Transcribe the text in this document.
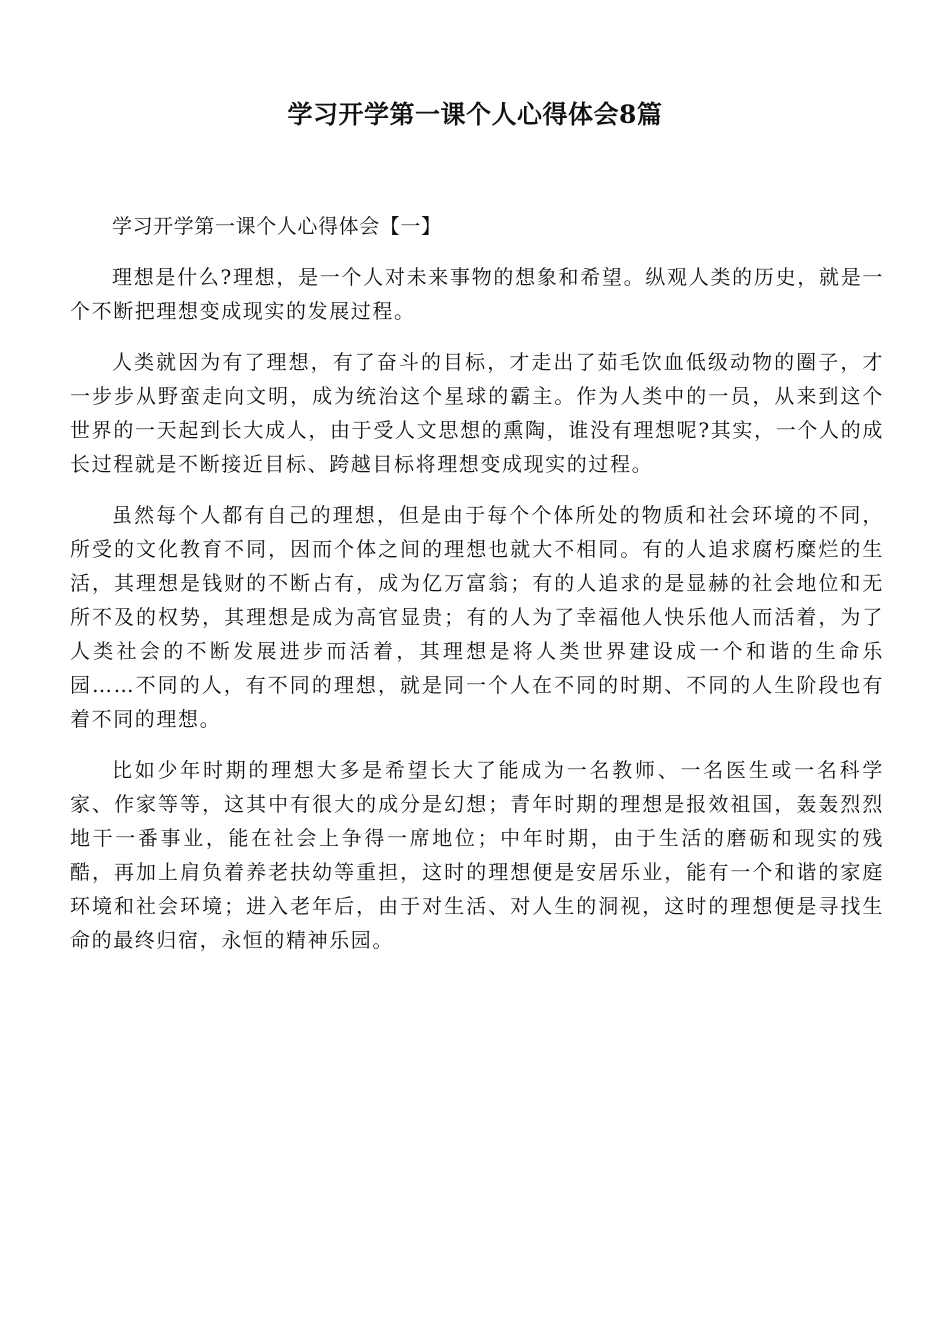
学习开学第一课个人心得体会8篇

学习开学第一课个人心得体会【一】

理想是什么?理想，是一个人对未来事物的想象和希望。纵观人类的历史，就是一个不断把理想变成现实的发展过程。

人类就因为有了理想，有了奋斗的目标，才走出了茹毛饮血低级动物的圈子，才一步步从野蛮走向文明，成为统治这个星球的霸主。作为人类中的一员，从来到这个世界的一天起到长大成人，由于受人文思想的熏陶，谁没有理想呢?其实，一个人的成长过程就是不断接近目标、跨越目标将理想变成现实的过程。

虽然每个人都有自己的理想，但是由于每个个体所处的物质和社会环境的不同，所受的文化教育不同，因而个体之间的理想也就大不相同。有的人追求腐朽糜烂的生活，其理想是钱财的不断占有，成为亿万富翁；有的人追求的是显赫的社会地位和无所不及的权势，其理想是成为高官显贵；有的人为了幸福他人快乐他人而活着，为了人类社会的不断发展进步而活着，其理想是将人类世界建设成一个和谐的生命乐园……不同的人，有不同的理想，就是同一个人在不同的时期、不同的人生阶段也有着不同的理想。

比如少年时期的理想大多是希望长大了能成为一名教师、一名医生或一名科学家、作家等等，这其中有很大的成分是幻想；青年时期的理想是报效祖国，轰轰烈烈地干一番事业，能在社会上争得一席地位；中年时期，由于生活的磨砺和现实的残酷，再加上肩负着养老扶幼等重担，这时的理想便是安居乐业，能有一个和谐的家庭环境和社会环境；进入老年后，由于对生活、对人生的洞视，这时的理想便是寻找生命的最终归宿，永恒的精神乐园。
